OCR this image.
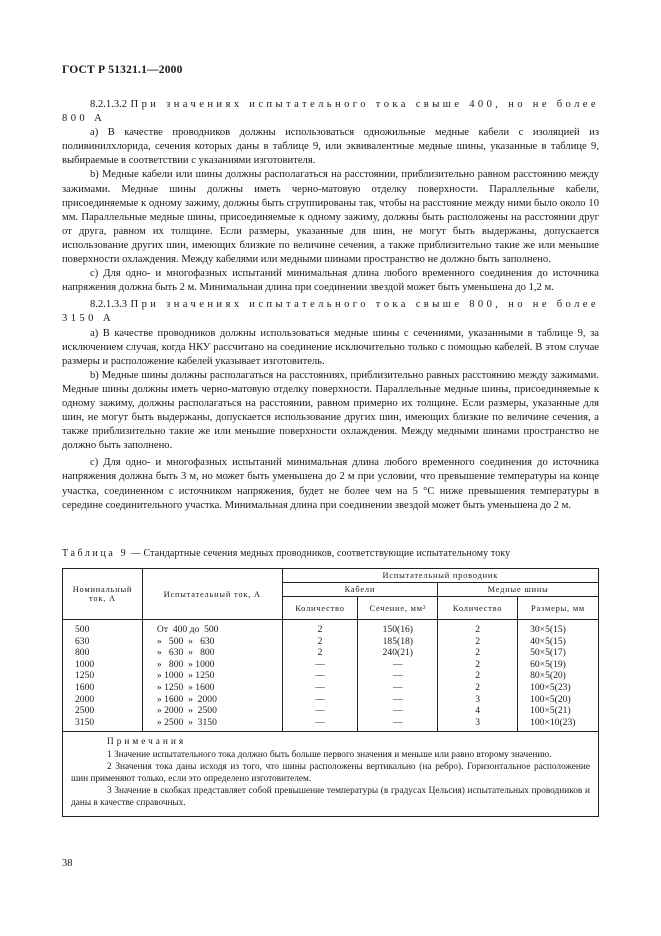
ГОСТ Р 51321.1—2000

8.2.1.3.2 При значениях испытательного тока свыше 400, но не более 800 А

а) В качестве проводников должны использоваться одножильные медные кабели с изоляцией из поливинилхлорида, сечения которых даны в таблице 9, или эквивалентные медные шины, указанные в таблице 9, выбираемые в соответствии с указаниями изготовителя.

b) Медные кабели или шины должны располагаться на расстоянии, приблизительно равном расстоянию между зажимами. Медные шины должны иметь черно-матовую отделку поверхности. Параллельные кабели, присоединяемые к одному зажиму, должны быть сгруппированы так, чтобы на расстояние между ними было около 10 мм. Параллельные медные шины, присоединяемые к одному зажиму, должны быть расположены на расстоянии друг от друга, равном их толщине. Если размеры, указанные для шин, не могут быть выдержаны, допускается использование других шин, имеющих близкие по величине сечения, а также приблизительно такие же или меньшие поверхности охлаждения. Между кабелями или медными шинами пространство не должно быть заполнено.

с) Для одно- и многофазных испытаний минимальная длина любого временного соединения до источника напряжения должна быть 2 м. Минимальная длина при соединении звездой может быть уменьшена до 1,2 м.

8.2.1.3.3 При значениях испытательного тока свыше 800, но не более 3150 А

а) В качестве проводников должны использоваться медные шины с сечениями, указанными в таблице 9, за исключением случая, когда НКУ рассчитано на соединение исключительно только с помощью кабелей. В этом случае размеры и расположение кабелей указывает изготовитель.

b) Медные шины должны располагаться на расстояниях, приблизительно равных расстоянию между зажимами. Медные шины должны иметь черно-матовую отделку поверхности. Параллельные медные шины, присоединяемые к одному зажиму, должны располагаться на расстоянии, равном примерно их толщине. Если размеры, указанные для шин, не могут быть выдержаны, допускается использование других шин, имеющих близкие по величине сечения, а также приблизительно такие же или меньшие поверхности охлаждения. Между медными шинами пространство не должно быть заполнено.

с) Для одно- и многофазных испытаний минимальная длина любого временного соединения до источника напряжения должна быть 3 м, но может быть уменьшена до 2 м при условии, что превышение температуры на конце участка, соединенном с источником напряжения, будет не более чем на 5 °С ниже превышения температуры в середине соединительного участка. Минимальная длина при соединении звездой может быть уменьшена до 2 м.

Таблица 9 — Стандартные сечения медных проводников, соответствующие испытательному току
Номинальный ток, А	Испытательный ток, А	Испытательный проводник			
		Кабели		Медные шины	
		Количество	Сечение, мм²	Количество	Размеры, мм
500	От  400 до  500	2	150(16)	2	30×5(15)
630	»   500  »   630	2	185(18)	2	40×5(15)
800	»   630  »   800	2	240(21)	2	50×5(17)
1000	»   800  » 1000	—	—	2	60×5(19)
1250	» 1000  » 1250	—	—	2	80×5(20)
1600	» 1250  » 1600	—	—	2	100×5(23)
2000	» 1600  »  2000	—	—	3	100×5(20)
2500	» 2000  »  2500	—	—	4	100×5(21)
3150	» 2500  »  3150	—	—	3	100×10(23)

Примечания

1 Значение испытательного тока должно быть больше первого значения и меньше или равно второму значению.

2 Значения тока даны исходя из того, что шины расположены вертикально (на ребро). Горизонтальное расположение шин применяют только, если это определено изготовителем.

3 Значение в скобках представляет собой превышение температуры (в градусах Цельсия) испытательных проводников и даны в качестве справочных.					

38
